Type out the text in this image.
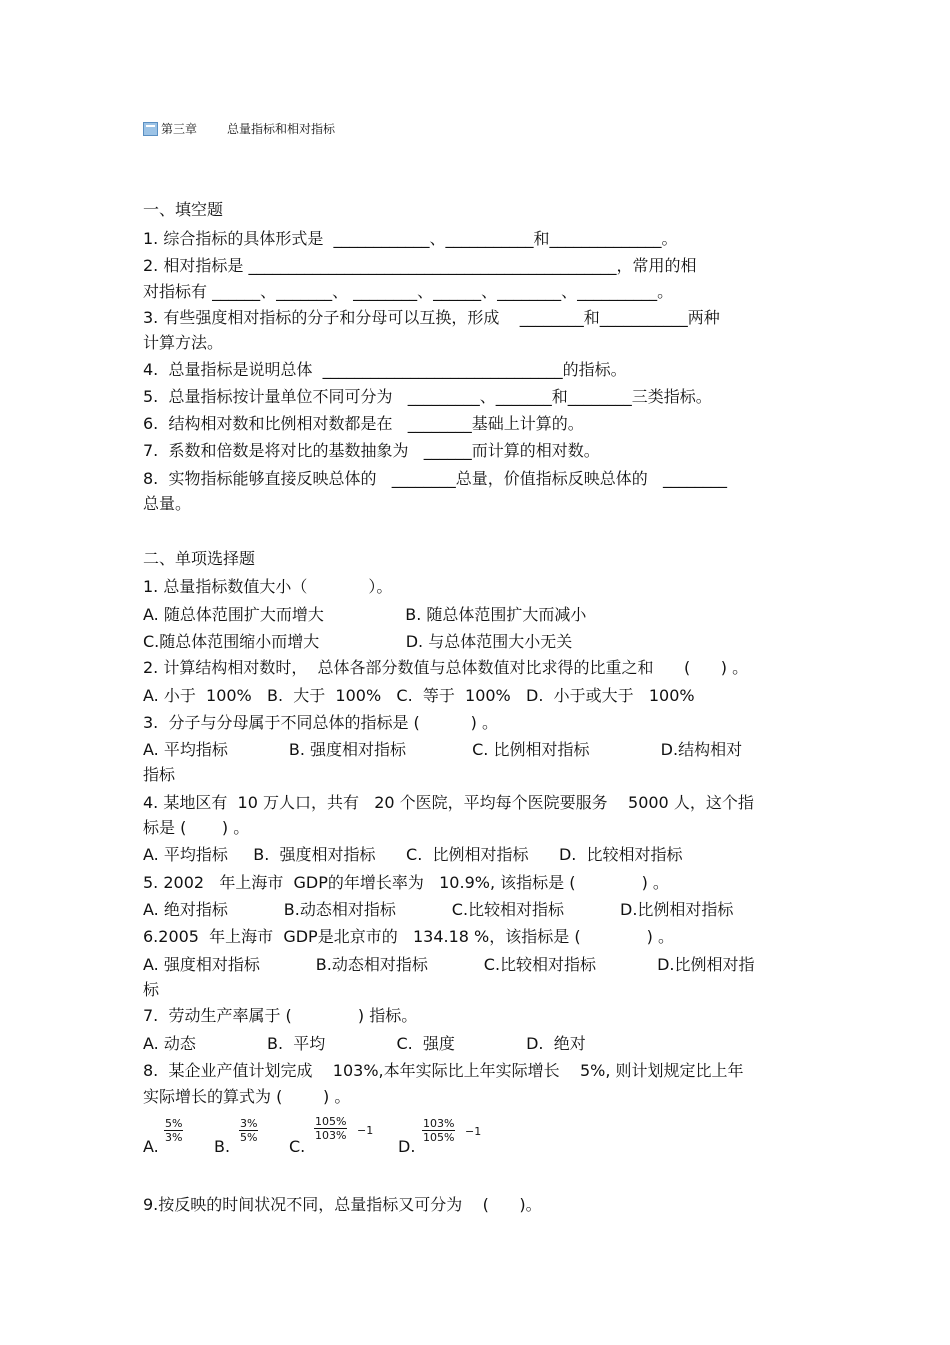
第三章	总量指标和相对指标
一、填空题
1. 综合指标的具体形式是  ____________、___________和______________。
2. 相对指标是 ______________________________________________，常用的相
对指标有 ______、_______、 ________、______、________、__________。
3. 有些强度相对指标的分子和分母可以互换，形成    ________和___________两种
计算方法。
4.  总量指标是说明总体  ______________________________的指标。
5.  总量指标按计量单位不同可分为   _________、_______和________三类指标。
6.  结构相对数和比例相对数都是在   ________基础上计算的。
7.  系数和倍数是将对比的基数抽象为   ______而计算的相对数。
8.  实物指标能够直接反映总体的   ________总量，价值指标反映总体的   ________
总量。
二、单项选择题
1. 总量指标数值大小（            ）。
A. 随总体范围扩大而增大                B. 随总体范围扩大而减小
C.随总体范围缩小而增大                 D. 与总体范围大小无关
2. 计算结构相对数时，  总体各部分数值与总体数值对比求得的比重之和      (      ) 。
A. 小于  100%   B.  大于  100%   C.  等于  100%   D.  小于或大于   100%
3.  分子与分母属于不同总体的指标是 (          ) 。
A. 平均指标            B. 强度相对指标             C. 比例相对指标              D.结构相对
指标
4. 某地区有  10 万人口，共有   20 个医院，平均每个医院要服务    5000 人，这个指
标是 (       ) 。
A. 平均指标     B.  强度相对指标      C.  比例相对指标      D.  比较相对指标
5. 2002   年上海市  GDP的年增长率为   10.9%, 该指标是 (             ) 。
A. 绝对指标           B.动态相对指标           C.比较相对指标           D.比例相对指标
6.2005  年上海市  GDP是北京市的   134.18 %，该指标是 (             ) 。
A. 强度相对指标           B.动态相对指标           C.比较相对指标            D.比例相对指
标
7.  劳动生产率属于 (             ) 指标。
A. 动态              B.  平均              C.  强度              D.  绝对
8.  某企业产值计划完成    103%,本年实际比上年实际增长    5%, 则计划规定比上年
实际增长的算式为 (        ) 。
A.
$\frac{5\%}{3\%}$
B.
$\frac{3\%}{5\%}$
C.
$\frac{105\%}{103\%} -1$
D.
$\frac{103\%}{105\%} -1$
9.按反映的时间状况不同，总量指标又可分为    (      )。
